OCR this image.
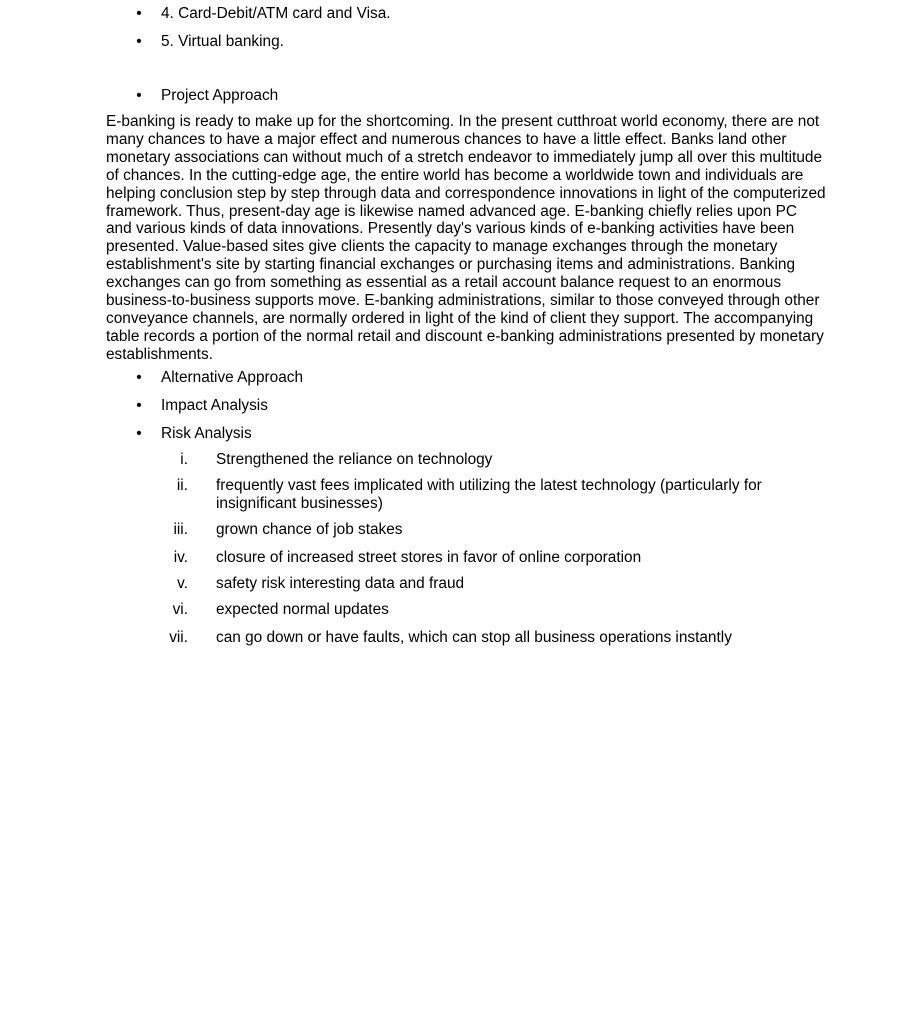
• 4. Card-Debit/ATM card and Visa.
• 5. Virtual banking.
• Project Approach

E-banking is ready to make up for the shortcoming. In the present cutthroat world economy, there are not
many chances to have a major effect and numerous chances to have a little effect. Banks land other
monetary associations can without much of a stretch endeavor to immediately jump all over this multitude
of chances. In the cutting-edge age, the entire world has become a worldwide town and individuals are
helping conclusion step by step through data and correspondence innovations in light of the computerized
framework. Thus, present-day age is likewise named advanced age. E-banking chiefly relies upon PC
and various kinds of data innovations. Presently day's various kinds of e-banking activities have been
presented. Value-based sites give clients the capacity to manage exchanges through the monetary
establishment's site by starting financial exchanges or purchasing items and administrations. Banking
exchanges can go from something as essential as a retail account balance request to an enormous
business-to-business supports move. E-banking administrations, similar to those conveyed through other
conveyance channels, are normally ordered in light of the kind of client they support. The accompanying
table records a portion of the normal retail and discount e-banking administrations presented by monetary
establishments.

• Alternative Approach
• Impact Analysis
• Risk Analysis
i. Strengthened the reliance on technology
ii. frequently vast fees implicated with utilizing the latest technology (particularly for
insignificant businesses)
iii. grown chance of job stakes
iv. closure of increased street stores in favor of online corporation
v. safety risk interesting data and fraud
vi. expected normal updates
vii. can go down or have faults, which can stop all business operations instantly
